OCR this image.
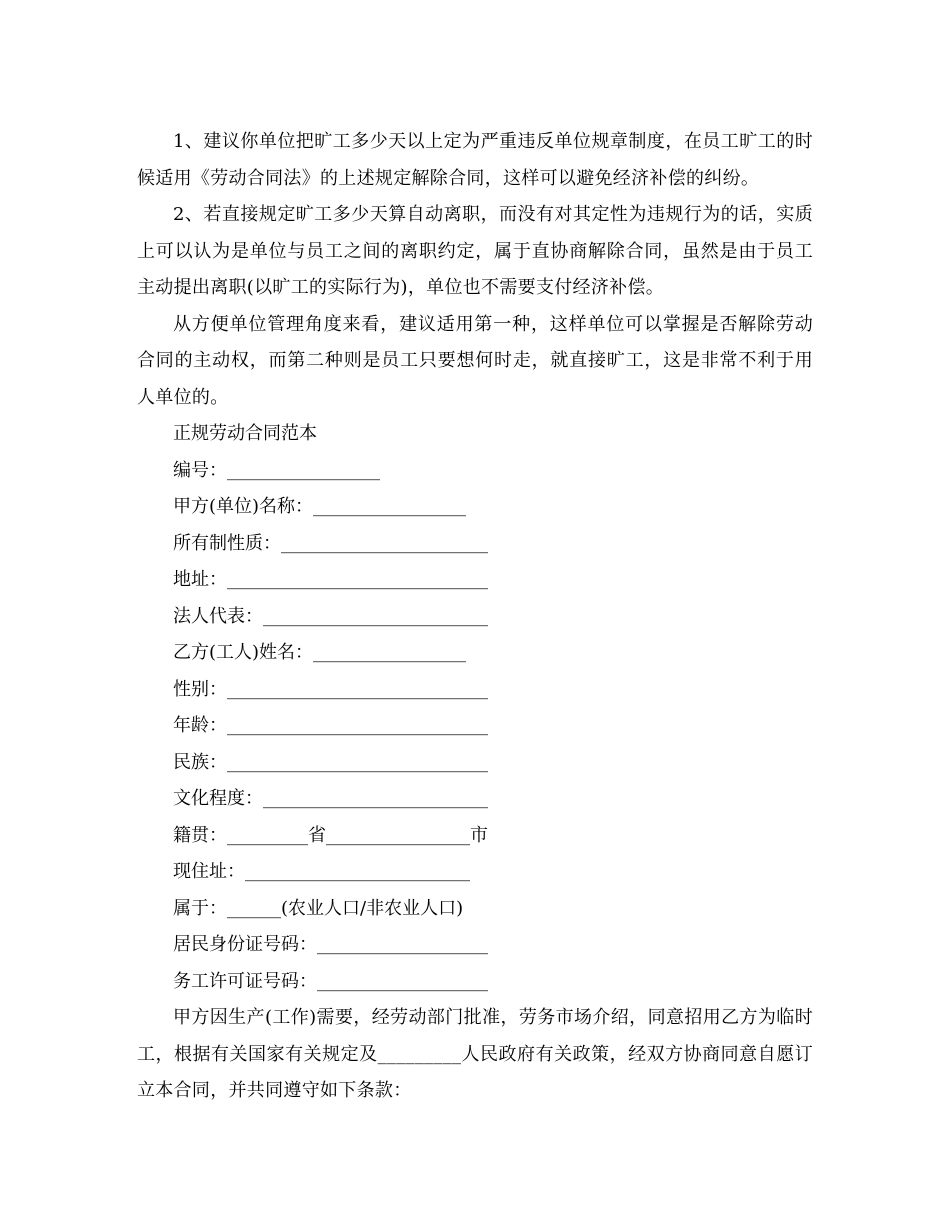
1、建议你单位把旷工多少天以上定为严重违反单位规章制度，在员工旷工的时候适用《劳动合同法》的上述规定解除合同，这样可以避免经济补偿的纠纷。

2、若直接规定旷工多少天算自动离职，而没有对其定性为违规行为的话，实质上可以认为是单位与员工之间的离职约定，属于直协商解除合同，虽然是由于员工主动提出离职(以旷工的实际行为)，单位也不需要支付经济补偿。

从方便单位管理角度来看，建议适用第一种，这样单位可以掌握是否解除劳动合同的主动权，而第二种则是员工只要想何时走，就直接旷工，这是非常不利于用人单位的。

正规劳动合同范本

编号：_________________

甲方(单位)名称：_________________

所有制性质：_______________________

地址：_____________________________

法人代表：_________________________

乙方(工人)姓名：_________________

性别：_____________________________

年龄：_____________________________

民族：_____________________________

文化程度：_________________________

籍贯：_________省________________市

现住址：_________________________

属于：______(农业人口/非农业人口)

居民身份证号码：___________________

务工许可证号码：___________________

甲方因生产(工作)需要，经劳动部门批准，劳务市场介绍，同意招用乙方为临时工，根据有关国家有关规定及_________人民政府有关政策，经双方协商同意自愿订立本合同，并共同遵守如下条款：
